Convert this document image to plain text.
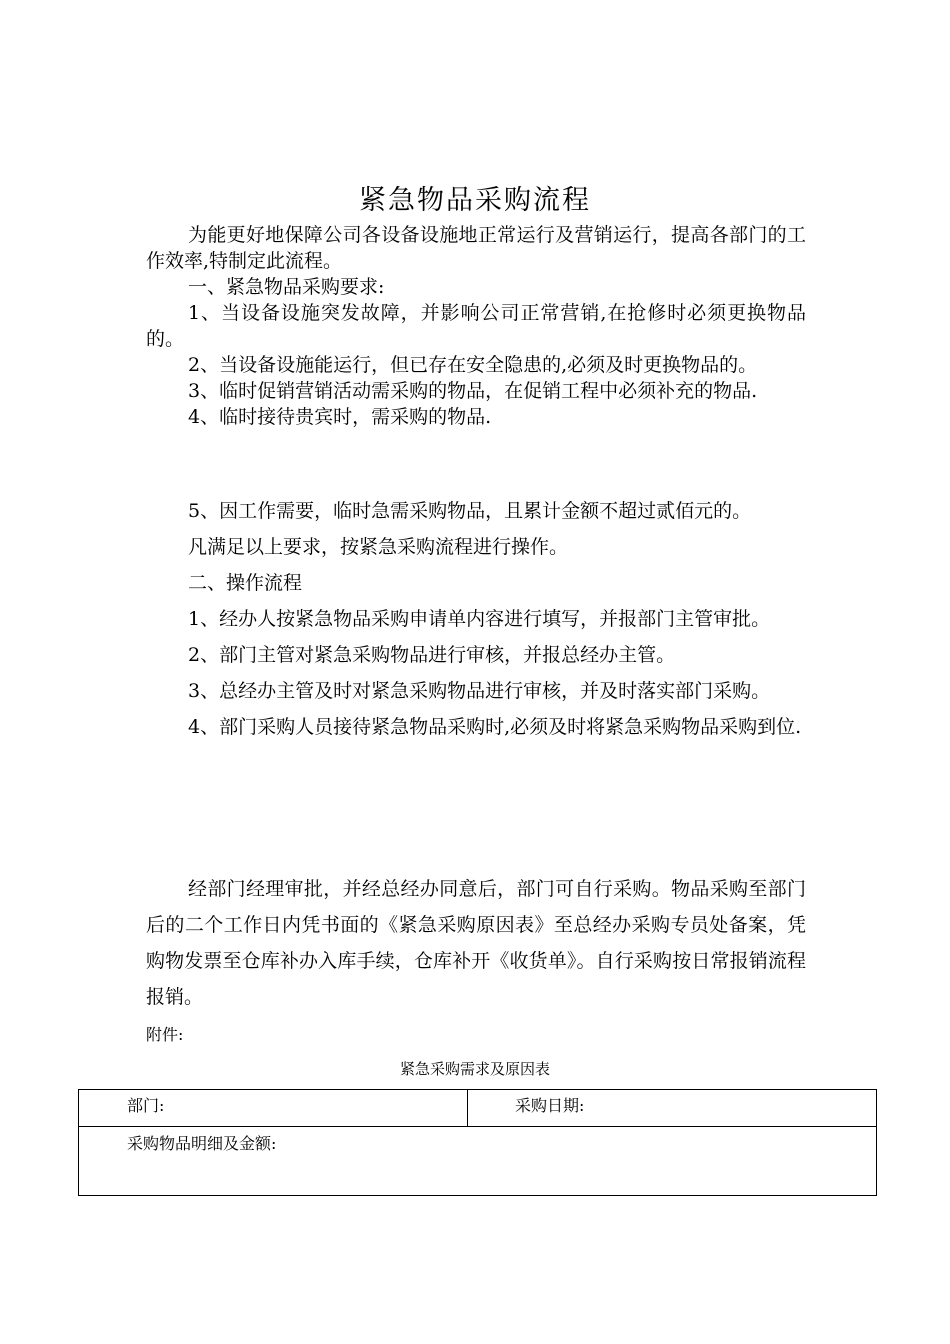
紧急物品采购流程

为能更好地保障公司各设备设施地正常运行及营销运行，提高各部门的工作效率,特制定此流程。

一、紧急物品采购要求:

1、当设备设施突发故障，并影响公司正常营销,在抢修时必须更换物品的。

2、当设备设施能运行，但已存在安全隐患的,必须及时更换物品的。

3、临时促销营销活动需采购的物品，在促销工程中必须补充的物品.

4、临时接待贵宾时，需采购的物品.

5、因工作需要，临时急需采购物品，且累计金额不超过贰佰元的。

凡满足以上要求，按紧急采购流程进行操作。

二、操作流程

1、经办人按紧急物品采购申请单内容进行填写，并报部门主管审批。

2、部门主管对紧急采购物品进行审核，并报总经办主管。

3、总经办主管及时对紧急采购物品进行审核，并及时落实部门采购。

4、部门采购人员接待紧急物品采购时,必须及时将紧急采购物品采购到位.

经部门经理审批，并经总经办同意后，部门可自行采购。物品采购至部门后的二个工作日内凭书面的《紧急采购原因表》至总经办采购专员处备案，凭购物发票至仓库补办入库手续，仓库补开《收货单》。自行采购按日常报销流程报销。

附件:
紧急采购需求及原因表
部门:	采购日期:
采购物品明细及金额:
